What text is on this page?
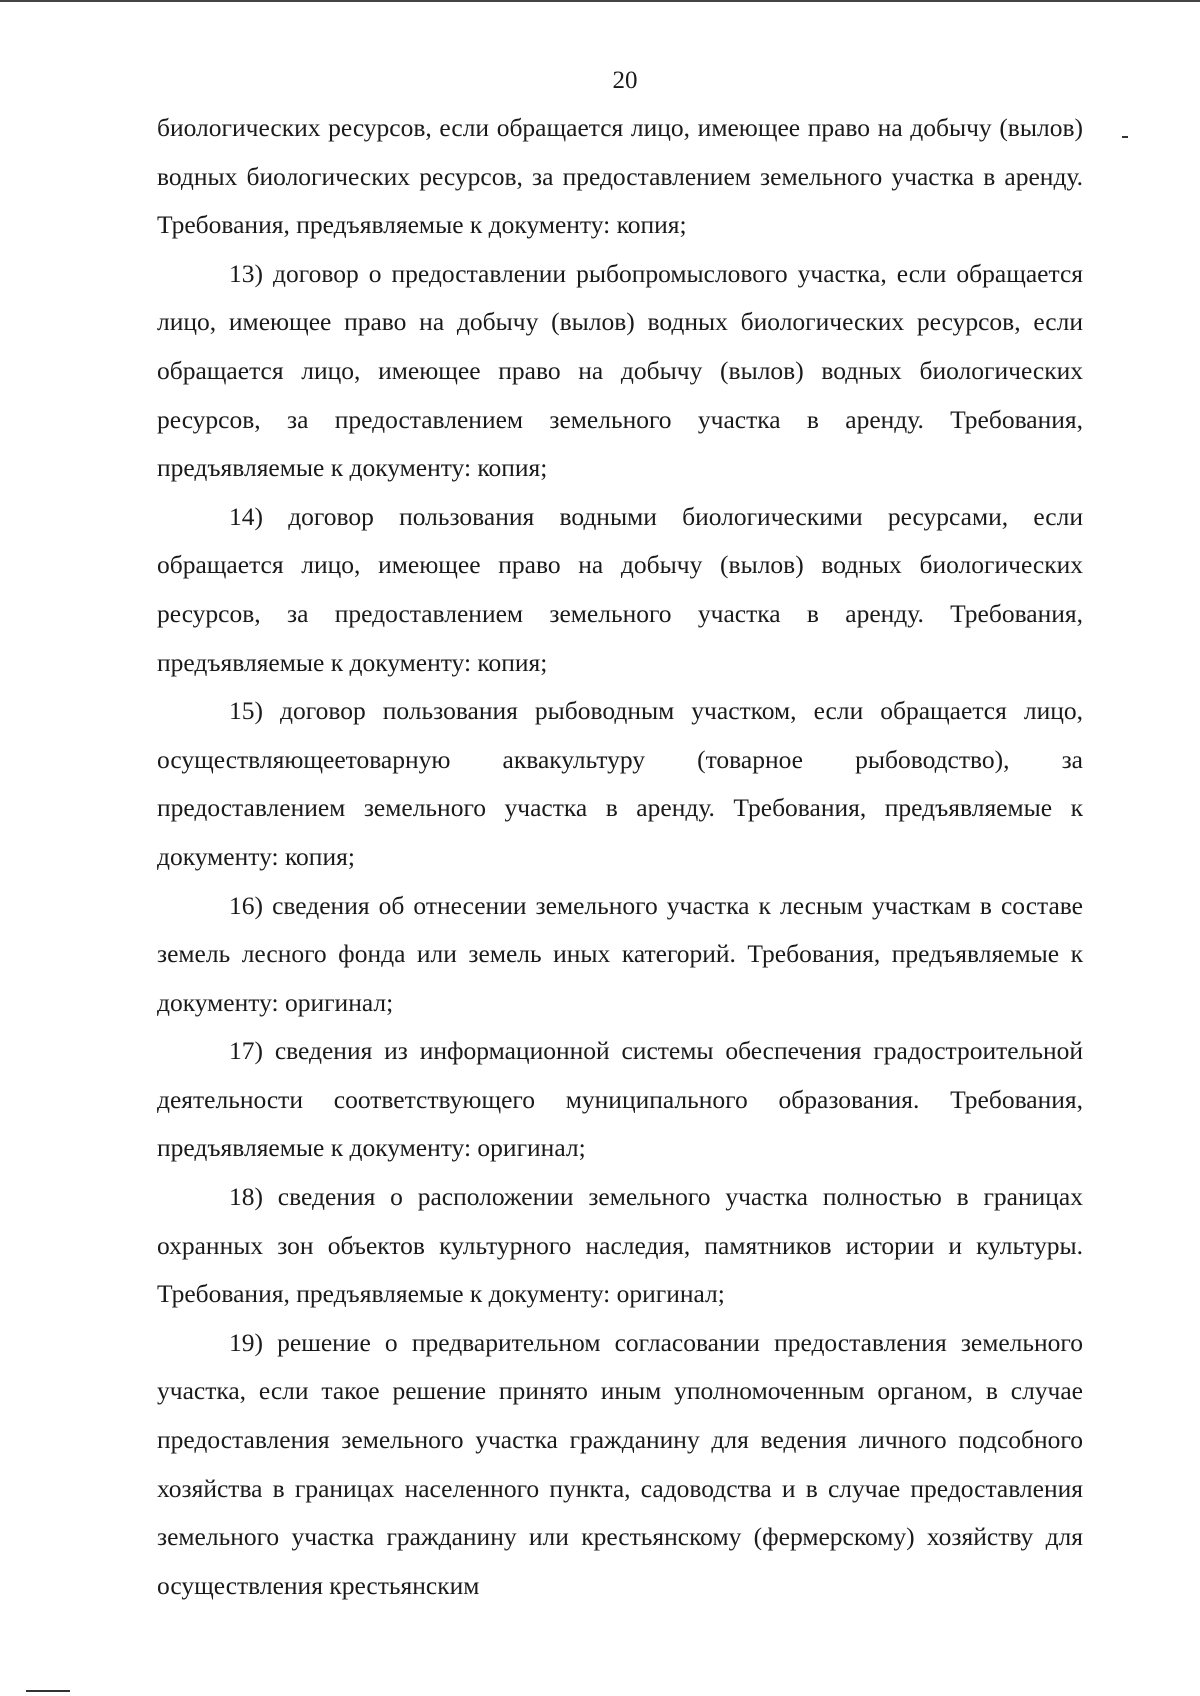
20

биологических ресурсов, если обращается лицо, имеющее право на добычу (вылов) водных биологических ресурсов, за предоставлением земельного участка в аренду. Требования, предъявляемые к документу: копия;

13) договор о предоставлении рыбопромыслового участка, если обращается лицо, имеющее право на добычу (вылов) водных биологических ресурсов, если обращается лицо, имеющее право на добычу (вылов) водных биологических ресурсов, за предоставлением земельного участка в аренду. Требования, предъявляемые к документу: копия;

14) договор пользования водными биологическими ресурсами, если обращается лицо, имеющее право на добычу (вылов) водных биологических ресурсов, за предоставлением земельного участка в аренду. Требования, предъявляемые к документу: копия;

15) договор пользования рыбоводным участком, если обращается лицо, осуществляющеетоварную аквакультуру (товарное рыбоводство), за предоставлением земельного участка в аренду. Требования, предъявляемые к документу: копия;

16) сведения об отнесении земельного участка к лесным участкам в составе земель лесного фонда или земель иных категорий. Требования, предъявляемые к документу: оригинал;

17) сведения из информационной системы обеспечения градостроительной деятельности соответствующего муниципального образования. Требования, предъявляемые к документу: оригинал;

18) сведения о расположении земельного участка полностью в границах охранных зон объектов культурного наследия, памятников истории и культуры. Требования, предъявляемые к документу: оригинал;

19) решение о предварительном согласовании предоставления земельного участка, если такое решение принято иным уполномоченным органом, в случае предоставления земельного участка гражданину для ведения личного подсобного хозяйства в границах населенного пункта, садоводства и в случае предоставления земельного участка гражданину или крестьянскому (фермерскому) хозяйству для осуществления крестьянским
